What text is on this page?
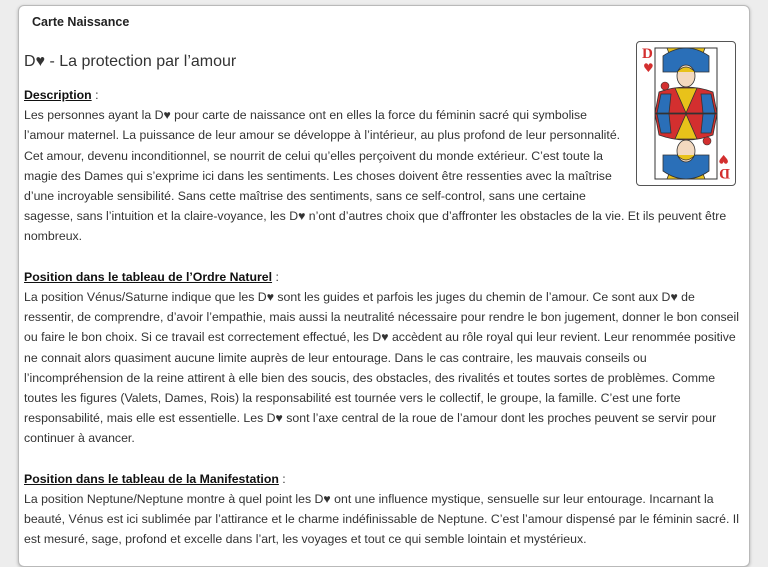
Carte Naissance
D♥ - La protection par l’amour

Description :

D
♥
D
♥

Les personnes ayant la D♥ pour carte de naissance ont en elles la force du féminin sacré qui symbolise l’amour maternel. La puissance de leur amour se développe à l’intérieur, au plus profond de leur personnalité. Cet amour, devenu inconditionnel, se nourrit de celui qu’elles perçoivent du monde extérieur. C’est toute la magie des Dames qui s’exprime ici dans les sentiments. Les choses doivent être ressenties avec la maîtrise d’une incroyable sensibilité. Sans cette maîtrise des sentiments, sans ce self-control, sans une certaine sagesse, sans l’intuition et la claire-voyance, les D♥ n’ont d’autres choix que d’affronter les obstacles de la vie. Et ils peuvent être nombreux.

Position dans le tableau de l’Ordre Naturel :

La position Vénus/Saturne indique que les D♥ sont les guides et parfois les juges du chemin de l’amour. Ce sont aux D♥ de ressentir, de comprendre, d’avoir l’empathie, mais aussi la neutralité nécessaire pour rendre le bon jugement, donner le bon conseil ou faire le bon choix. Si ce travail est correctement effectué, les D♥ accèdent au rôle royal qui leur revient. Leur renommée positive ne connait alors quasiment aucune limite auprès de leur entourage. Dans le cas contraire, les mauvais conseils ou l’incompréhension de la reine attirent à elle bien des soucis, des obstacles, des rivalités et toutes sortes de problèmes. Comme toutes les figures (Valets, Dames, Rois) la responsabilité est tournée vers le collectif, le groupe, la famille. C’est une forte responsabilité, mais elle est essentielle. Les D♥ sont l’axe central de la roue de l’amour dont les proches peuvent se servir pour continuer à avancer.

Position dans le tableau de la Manifestation :

La position Neptune/Neptune montre à quel point les D♥ ont une influence mystique, sensuelle sur leur entourage. Incarnant la beauté, Vénus est ici sublimée par l’attirance et le charme indéfinissable de Neptune. C’est l’amour dispensé par le féminin sacré. Il est mesuré, sage, profond et excelle dans l’art, les voyages et tout ce qui semble lointain et mystérieux.
